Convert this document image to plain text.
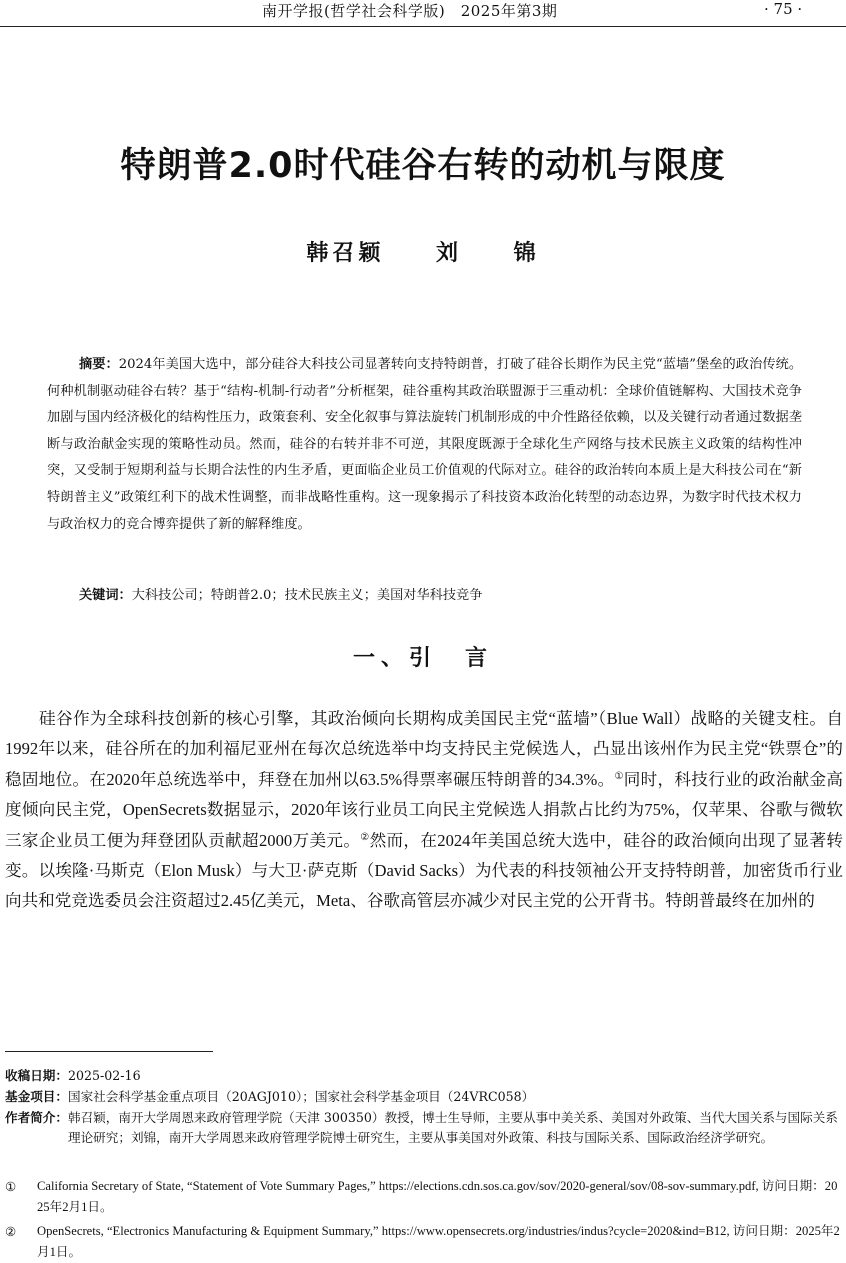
南开学报(哲学社会科学版)　2025年第3期	· 75 ·
特朗普2.0时代硅谷右转的动机与限度
韩召颖 刘 锦
摘要：2024年美国大选中，部分硅谷大科技公司显著转向支持特朗普，打破了硅谷长期作为民主党“蓝墙”堡垒的政治传统。何种机制驱动硅谷右转？基于“结构-机制-行动者”分析框架，硅谷重构其政治联盟源于三重动机：全球价值链解构、大国技术竞争加剧与国内经济极化的结构性压力，政策套利、安全化叙事与算法旋转门机制形成的中介性路径依赖，以及关键行动者通过数据垄断与政治献金实现的策略性动员。然而，硅谷的右转并非不可逆，其限度既源于全球化生产网络与技术民族主义政策的结构性冲突，又受制于短期利益与长期合法性的内生矛盾，更面临企业员工价值观的代际对立。硅谷的政治转向本质上是大科技公司在“新特朗普主义”政策红利下的战术性调整，而非战略性重构。这一现象揭示了科技资本政治化转型的动态边界，为数字时代技术权力与政治权力的竞合博弈提供了新的解释维度。
关键词：大科技公司；特朗普2.0；技术民族主义；美国对华科技竞争
一、引　言
硅谷作为全球科技创新的核心引擎，其政治倾向长期构成美国民主党“蓝墙”（Blue Wall）战略的关键支柱。自1992年以来，硅谷所在的加利福尼亚州在每次总统选举中均支持民主党候选人，凸显出该州作为民主党“铁票仓”的稳固地位。在2020年总统选举中，拜登在加州以63.5%得票率碾压特朗普的34.3%。①同时，科技行业的政治献金高度倾向民主党，OpenSecrets数据显示，2020年该行业员工向民主党候选人捐款占比约为75%，仅苹果、谷歌与微软三家企业员工便为拜登团队贡献超2000万美元。②然而，在2024年美国总统大选中，硅谷的政治倾向出现了显著转变。以埃隆·马斯克（Elon Musk）与大卫·萨克斯（David Sacks）为代表的科技领袖公开支持特朗普，加密货币行业向共和党竞选委员会注资超过2.45亿美元，Meta、谷歌高管层亦减少对民主党的公开背书。特朗普最终在加州的
收稿日期：2025-02-16
基金项目：国家社会科学基金重点项目（20AGJ010）；国家社会科学基金项目（24VRC058）
作者简介： 韩召颖，南开大学周恩来政府管理学院（天津 300350）教授，博士生导师，主要从事中美关系、美国对外政策、当代大国关系与国际关系理论研究；刘锦，南开大学周恩来政府管理学院博士研究生，主要从事美国对外政策、科技与国际关系、国际政治经济学研究。
①	California Secretary of State, “Statement of Vote Summary Pages,” https://elections.cdn.sos.ca.gov/sov/2020-general/sov/08-sov-summary.pdf, 访问日期：2025年2月1日。
②	OpenSecrets, “Electronics Manufacturing & Equipment Summary,” https://www.opensecrets.org/industries/indus?cycle=2020&ind=B12, 访问日期：2025年2月1日。
